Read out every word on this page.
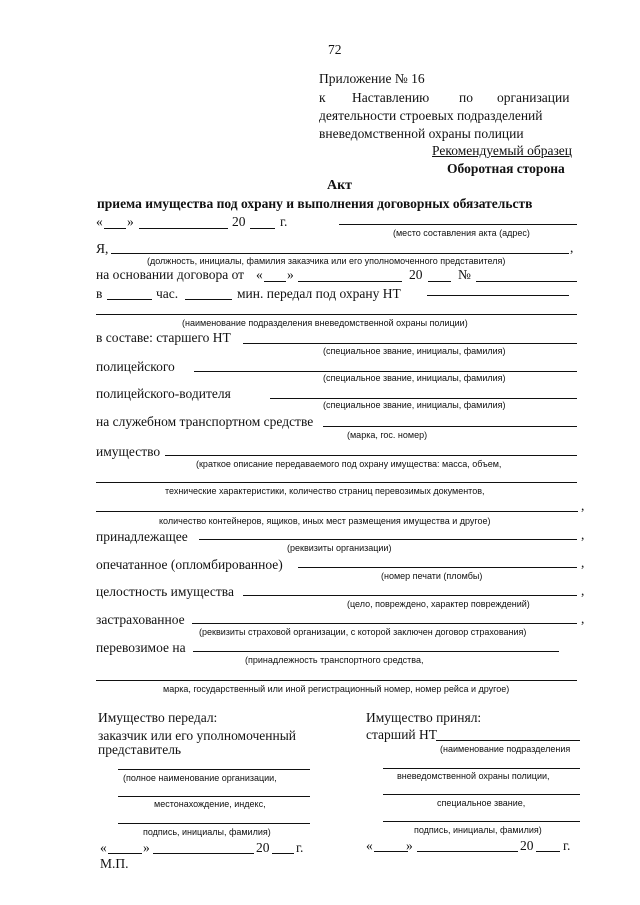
72
Приложение № 16
к Наставлению по организации
деятельности строевых подразделений
вневедомственной охраны полиции
Рекомендуемый образец
Оборотная сторона
Акт
приема имущества под охрану и выполнения договорных обязательств
« »	20	г.
(место составления акта (адрес)
Я,	,
(должность, инициалы, фамилия заказчика или его уполномоченного представителя)
на основании договора от « »	20	№
в	час.	мин. передал под охрану НТ
(наименование подразделения вневедомственной охраны полиции)
в составе: старшего НТ
(специальное звание, инициалы, фамилия)
полицейского
(специальное звание, инициалы, фамилия)
полицейского-водителя
(специальное звание, инициалы, фамилия)
на служебном транспортном средстве
(марка, гос. номер)
имущество
(краткое описание передаваемого под охрану имущества: масса, объем,
технические характеристики, количество страниц перевозимых документов,
,
количество контейнеров, ящиков, иных мест размещения имущества и другое)
принадлежащее	,
(реквизиты организации)
опечатанное (опломбированное)	,
(номер печати (пломбы)
целостность имущества	,
(цело, повреждено, характер повреждений)
застрахованное	,
(реквизиты страховой организации, с которой заключен договор страхования)
перевозимое на
(принадлежность транспортного средства,
марка, государственный или иной регистрационный номер, номер рейса и другое)
Имущество передал:
заказчик или его уполномоченный
представитель
(полное наименование организации,
местонахождение, индекс,
подпись, инициалы, фамилия)
«	»	20 г.
М.П.
Имущество принял:
старший НТ
(наименование подразделения
вневедомственной охраны полиции,
специальное звание,
подпись, инициалы, фамилия)
« »	20 г.
